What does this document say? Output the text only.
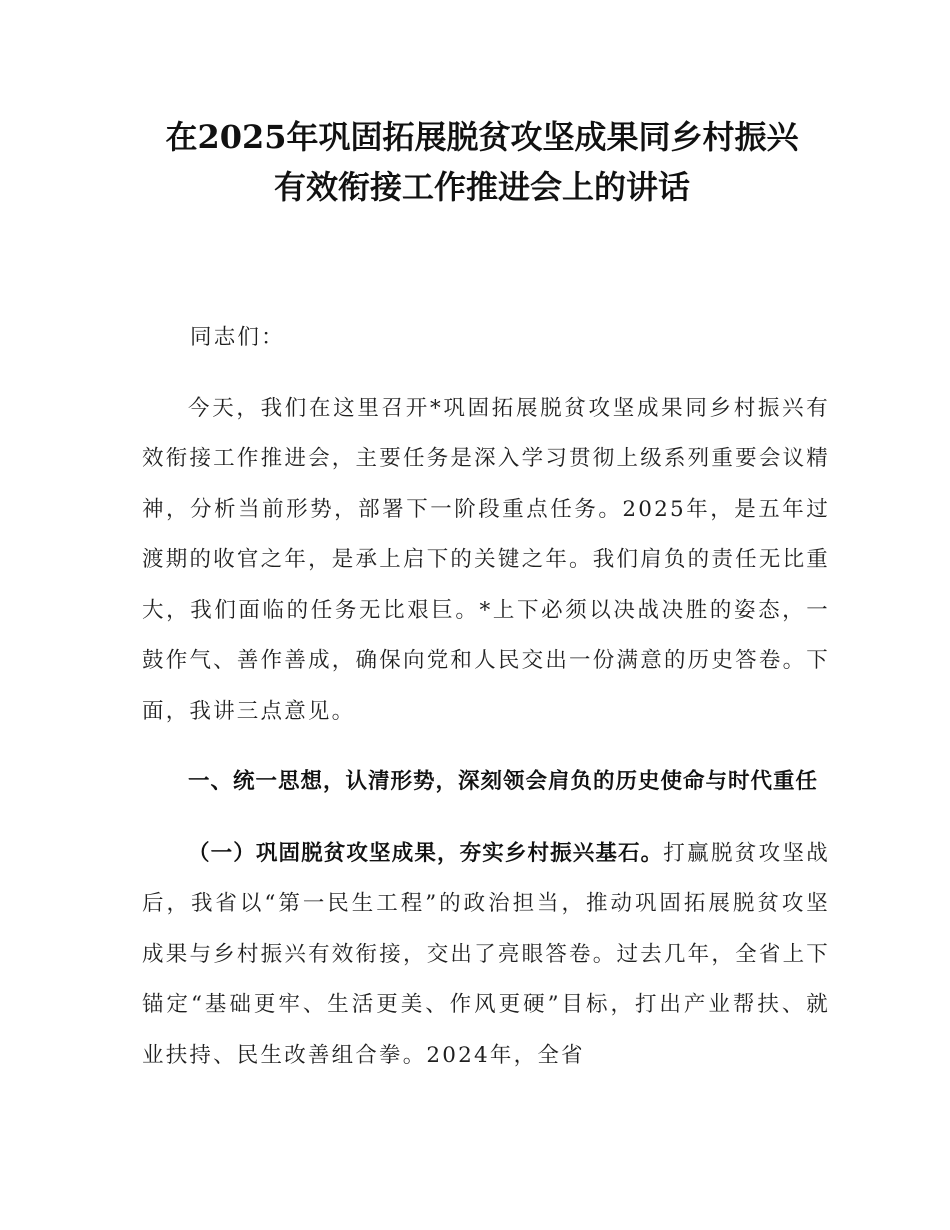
在2025年巩固拓展脱贫攻坚成果同乡村振兴
有效衔接工作推进会上的讲话

同志们：

今天，我们在这里召开*巩固拓展脱贫攻坚成果同乡村振兴有效衔接工作推进会，主要任务是深入学习贯彻上级系列重要会议精神，分析当前形势，部署下一阶段重点任务。2025年，是五年过渡期的收官之年，是承上启下的关键之年。我们肩负的责任无比重大，我们面临的任务无比艰巨。*上下必须以决战决胜的姿态，一鼓作气、善作善成，确保向党和人民交出一份满意的历史答卷。下面，我讲三点意见。

一、统一思想，认清形势，深刻领会肩负的历史使命与时代重任

（一）巩固脱贫攻坚成果，夯实乡村振兴基石。打赢脱贫攻坚战后，我省以“第一民生工程”的政治担当，推动巩固拓展脱贫攻坚成果与乡村振兴有效衔接，交出了亮眼答卷。过去几年，全省上下锚定“基础更牢、生活更美、作风更硬”目标，打出产业帮扶、就业扶持、民生改善组合拳。2024年，全省
